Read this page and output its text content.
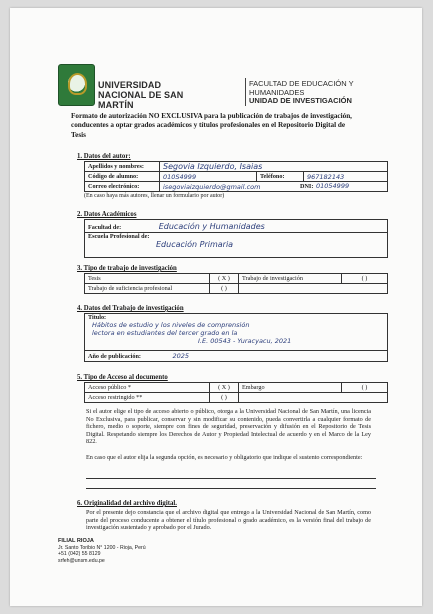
UNIVERSIDAD NACIONAL DE SAN MARTÍN
FACULTAD DE EDUCACIÓN Y HUMANIDADES
UNIDAD DE INVESTIGACIÓN
Formato de autorización NO EXCLUSIVA para la publicación de trabajos de investigación, conducentes a optar grados académicos y títulos profesionales en el Repositorio Digital de Tesis
1. Datos del autor:
Apellidos y nombres:	Segovia Izquierdo, Isaias		
Código de alumno:	010S4999	Teléfono:	967182143
Correo electrónico:	isegoviaizquierdo@gmail.com DNI: 01054999		
(En caso haya más autores, llenar un formulario por autor)
2. Datos Académicos
Facultad de:	Educación y Humanidades

Escuela Profesional de:
Educación Primaria
3. Tipo de trabajo de investigación
Tesis	( X )	Trabajo de investigación	( )
Trabajo de suficiencia profesional	( )		
4. Datos del Trabajo de investigación
Titulo:
Hábitos de estudio y los niveles de comprensión
lectora en estudiantes del tercer grado en la
I.E. 00543 - Yuracyacu, 2021

Año de publicación:	2025
5. Tipo de Acceso al documento
Acceso público *	( X )	Embargo	( )
Acceso restringido **	( )		
Si el autor elige el tipo de acceso abierto o público, otorga a la Universidad Nacional de San Martín, una licencia No Exclusiva, para publicar, conservar y sin modificar su contenido, pueda convertirla a cualquier formato de fichero, medio o soporte, siempre con fines de seguridad, preservación y difusión en el Repositorio de Tesis Digital. Respetando siempre los Derechos de Autor y Propiedad Intelectual de acuerdo y en el Marco de la Ley 822.
En caso que el autor elija la segunda opción, es necesario y obligatorio que indique el sustento correspondiente:
6. Originalidad del archivo digital.
Por el presente dejo constancia que el archivo digital que entrego a la Universidad Nacional de San Martín, como parte del proceso conducente a obtener el título profesional o grado académico, es la versión final del trabajo de investigación sustentado y aprobado por el Jurado.
FILIAL RIOJA
Jr. Santo Toribio N° 1200 - Rioja, Perú
+51 (042) 55 8129
srfeh@unsm.edu.pe
